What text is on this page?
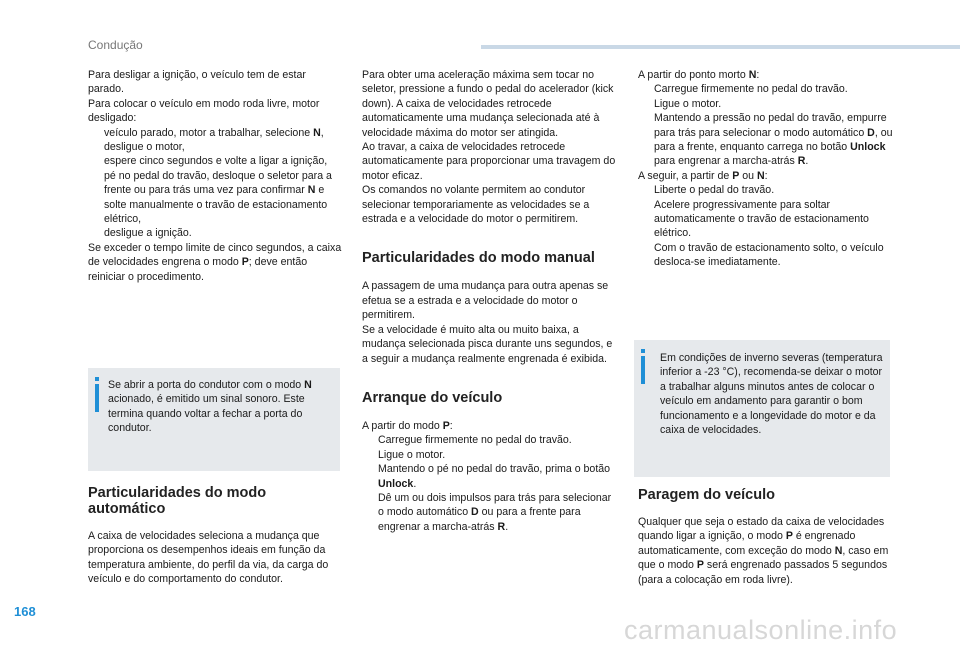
Condução

Para desligar a ignição, o veículo tem de estar parado.

Para colocar o veículo em modo roda livre, motor desligado:

veículo parado, motor a trabalhar, selecione N,
desligue o motor,
espere cinco segundos e volte a ligar a ignição,
pé no pedal do travão, desloque o seletor para a frente ou para trás uma vez para confirmar N e solte manualmente o travão de estacionamento elétrico,
desligue a ignição.

Se exceder o tempo limite de cinco segundos, a caixa de velocidades engrena o modo P; deve então reiniciar o procedimento.

Se abrir a porta do condutor com o modo N acionado, é emitido um sinal sonoro. Este termina quando voltar a fechar a porta do condutor.

Particularidades do modo automático

A caixa de velocidades seleciona a mudança que proporciona os desempenhos ideais em função da temperatura ambiente, do perfil da via, da carga do veículo e do comportamento do condutor.

Para obter uma aceleração máxima sem tocar no seletor, pressione a fundo o pedal do acelerador (kick down). A caixa de velocidades retrocede automaticamente uma mudança selecionada até à velocidade máxima do motor ser atingida.

Ao travar, a caixa de velocidades retrocede automaticamente para proporcionar uma travagem do motor eficaz.

Os comandos no volante permitem ao condutor selecionar temporariamente as velocidades se a estrada e a velocidade do motor o permitirem.

Particularidades do modo manual

A passagem de uma mudança para outra apenas se efetua se a estrada e a velocidade do motor o permitirem.

Se a velocidade é muito alta ou muito baixa, a mudança selecionada pisca durante uns segundos, e a seguir a mudança realmente engrenada é exibida.

Arranque do veículo

A partir do modo P:

Carregue firmemente no pedal do travão.
Ligue o motor.
Mantendo o pé no pedal do travão, prima o botão Unlock.
Dê um ou dois impulsos para trás para selecionar o modo automático D ou para a frente para engrenar a marcha-atrás R.

A partir do ponto morto N:

Carregue firmemente no pedal do travão.
Ligue o motor.
Mantendo a pressão no pedal do travão, empurre para trás para selecionar o modo automático D, ou para a frente, enquanto carrega no botão Unlock para engrenar a marcha-atrás R.

A seguir, a partir de P ou N:

Liberte o pedal do travão.
Acelere progressivamente para soltar automaticamente o travão de estacionamento elétrico.
Com o travão de estacionamento solto, o veículo desloca-se imediatamente.

Em condições de inverno severas (temperatura inferior a -23 °C), recomenda-se deixar o motor a trabalhar alguns minutos antes de colocar o veículo em andamento para garantir o bom funcionamento e a longevidade do motor e da caixa de velocidades.

Paragem do veículo

Qualquer que seja o estado da caixa de velocidades quando ligar a ignição, o modo P é engrenado automaticamente, com exceção do modo N, caso em que o modo P será engrenado passados 5 segundos (para a colocação em roda livre).

168
carmanualsonline.info
